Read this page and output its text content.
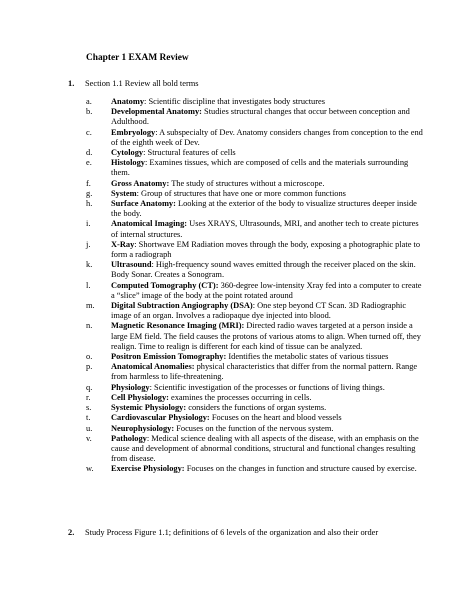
Chapter 1 EXAM Review
1. Section 1.1 Review all bold terms
a.	Anatomy: Scientific discipline that investigates body structures
b.	Developmental Anatomy: Studies structural changes that occur between conception and Adulthood.
c.	Embryology: A subspecialty of Dev. Anatomy considers changes from conception to the end of the eighth week of Dev.
d.	Cytology: Structural features of cells
e.	Histology: Examines tissues, which are composed of cells and the materials surrounding them.
f.	Gross Anatomy: The study of structures without a microscope.
g.	System: Group of structures that have one or more common functions
h.	Surface Anatomy: Looking at the exterior of the body to visualize structures deeper inside the body.
i.	Anatomical Imaging: Uses XRAYS, Ultrasounds, MRI, and another tech to create pictures of internal structures.
j.	X-Ray: Shortwave EM Radiation moves through the body, exposing a photographic plate to form a radiograph
k.	Ultrasound: High-frequency sound waves emitted through the receiver placed on the skin. Body Sonar. Creates a Sonogram.
l.	Computed Tomography (CT): 360-degree low-intensity Xray fed into a computer to create a “slice” image of the body at the point rotated around
m.	Digital Subtraction Angiography (DSA): One step beyond CT Scan. 3D Radiographic image of an organ. Involves a radiopaque dye injected into blood.
n.	Magnetic Resonance Imaging (MRI): Directed radio waves targeted at a person inside a large EM field. The field causes the protons of various atoms to align. When turned off, they realign. Time to realign is different for each kind of tissue can be analyzed.
o.	Positron Emission Tomography: Identifies the metabolic states of various tissues
p.	Anatomical Anomalies: physical characteristics that differ from the normal pattern. Range from harmless to life-threatening.
q.	Physiology: Scientific investigation of the processes or functions of living things.
r.	Cell Physiology: examines the processes occurring in cells.
s.	Systemic Physiology: considers the functions of organ systems.
t.	Cardiovascular Physiology: Focuses on the heart and blood vessels
u.	Neurophysiology: Focuses on the function of the nervous system.
v.	Pathology: Medical science dealing with all aspects of the disease, with an emphasis on the cause and development of abnormal conditions, structural and functional changes resulting from disease.
w.	Exercise Physiology: Focuses on the changes in function and structure caused by exercise.
2. Study Process Figure 1.1; definitions of 6 levels of the organization and also their order
